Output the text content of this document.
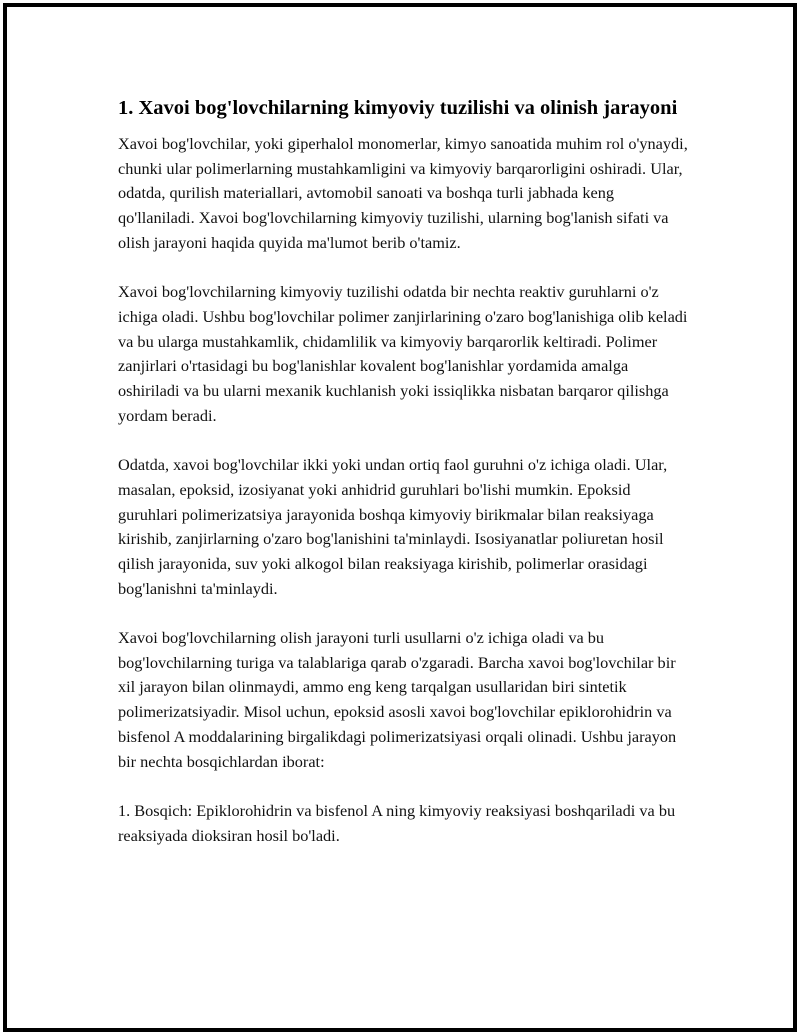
1. Xavoi bog'lovchilarning kimyoviy tuzilishi va olinish jarayoni

Xavoi bog'lovchilar, yoki giperhalol monomerlar, kimyo sanoatida muhim rol o'ynaydi, chunki ular polimerlarning mustahkamligini va kimyoviy barqarorligini oshiradi. Ular, odatda, qurilish materiallari, avtomobil sanoati va boshqa turli jabhada keng qo'llaniladi. Xavoi bog'lovchilarning kimyoviy tuzilishi, ularning bog'lanish sifati va olish jarayoni haqida quyida ma'lumot berib o'tamiz.

Xavoi bog'lovchilarning kimyoviy tuzilishi odatda bir nechta reaktiv guruhlarni o'z ichiga oladi. Ushbu bog'lovchilar polimer zanjirlarining o'zaro bog'lanishiga olib keladi va bu ularga mustahkamlik, chidamlilik va kimyoviy barqarorlik keltiradi. Polimer zanjirlari o'rtasidagi bu bog'lanishlar kovalent bog'lanishlar yordamida amalga oshiriladi va bu ularni mexanik kuchlanish yoki issiqlikka nisbatan barqaror qilishga yordam beradi.

Odatda, xavoi bog'lovchilar ikki yoki undan ortiq faol guruhni o'z ichiga oladi. Ular, masalan, epoksid, izosiyanat yoki anhidrid guruhlari bo'lishi mumkin. Epoksid guruhlari polimerizatsiya jarayonida boshqa kimyoviy birikmalar bilan reaksiyaga kirishib, zanjirlarning o'zaro bog'lanishini ta'minlaydi. Isosiyanatlar poliuretan hosil qilish jarayonida, suv yoki alkogol bilan reaksiyaga kirishib, polimerlar orasidagi bog'lanishni ta'minlaydi.

Xavoi bog'lovchilarning olish jarayoni turli usullarni o'z ichiga oladi va bu bog'lovchilarning turiga va talablariga qarab o'zgaradi. Barcha xavoi bog'lovchilar bir xil jarayon bilan olinmaydi, ammo eng keng tarqalgan usullaridan biri sintetik polimerizatsiyadir. Misol uchun, epoksid asosli xavoi bog'lovchilar epiklorohidrin va bisfenol A moddalarining birgalikdagi polimerizatsiyasi orqali olinadi. Ushbu jarayon bir nechta bosqichlardan iborat:

1. Bosqich: Epiklorohidrin va bisfenol A ning kimyoviy reaksiyasi boshqariladi va bu reaksiyada dioksiran hosil bo'ladi.
